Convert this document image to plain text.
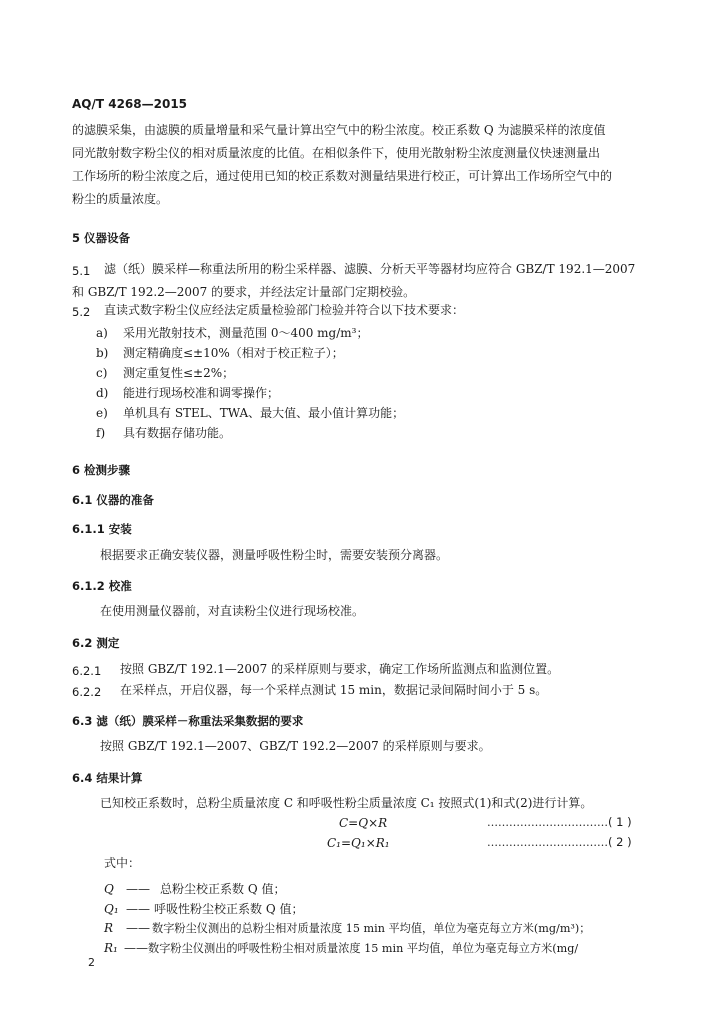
AQ/T 4268—2015
的滤膜采集，由滤膜的质量增量和采气量计算出空气中的粉尘浓度。校正系数 Q 为滤膜采样的浓度值
同光散射数字粉尘仪的相对质量浓度的比值。在相似条件下，使用光散射粉尘浓度测量仪快速测量出
工作场所的粉尘浓度之后，通过使用已知的校正系数对测量结果进行校正，可计算出工作场所空气中的
粉尘的质量浓度。
5 仪器设备
5.1 滤（纸）膜采样—称重法所用的粉尘采样器、滤膜、分析天平等器材均应符合 GBZ/T 192.1—2007
和 GBZ/T 192.2—2007 的要求，并经法定计量部门定期校验。
5.2 直读式数字粉尘仪应经法定质量检验部门检验并符合以下技术要求：
a) 采用光散射技术，测量范围 0～400 mg/m³；
b) 测定精确度≤±10%（相对于校正粒子）；
c) 测定重复性≤±2%；
d) 能进行现场校准和调零操作；
e) 单机具有 STEL、TWA、最大值、最小值计算功能；
f) 具有数据存储功能。
6 检测步骤
6.1 仪器的准备
6.1.1 安装
根据要求正确安装仪器，测量呼吸性粉尘时，需要安装预分离器。
6.1.2 校准
在使用测量仪器前，对直读粉尘仪进行现场校准。
6.2 测定
6.2.1 按照 GBZ/T 192.1—2007 的采样原则与要求，确定工作场所监测点和监测位置。
6.2.2 在采样点，开启仪器，每一个采样点测试 15 min，数据记录间隔时间小于 5 s。
6.3 滤（纸）膜采样－称重法采集数据的要求
按照 GBZ/T 192.1—2007、GBZ/T 192.2—2007 的采样原则与要求。
6.4 结果计算
已知校正系数时，总粉尘质量浓度 C 和呼吸性粉尘质量浓度 C₁ 按照式(1)和式(2)进行计算。
C=Q×R	…………………………… ( 1 )
C₁=Q₁×R₁	…………………………… ( 2 )
式中：
Q —— 总粉尘校正系数 Q 值；
Q₁ —— 呼吸性粉尘校正系数 Q 值；
R —— 数字粉尘仪测出的总粉尘相对质量浓度 15 min 平均值，单位为毫克每立方米(mg/m³)；
R₁ ——数字粉尘仪测出的呼吸性粉尘相对质量浓度 15 min 平均值，单位为毫克每立方米(mg/
2
